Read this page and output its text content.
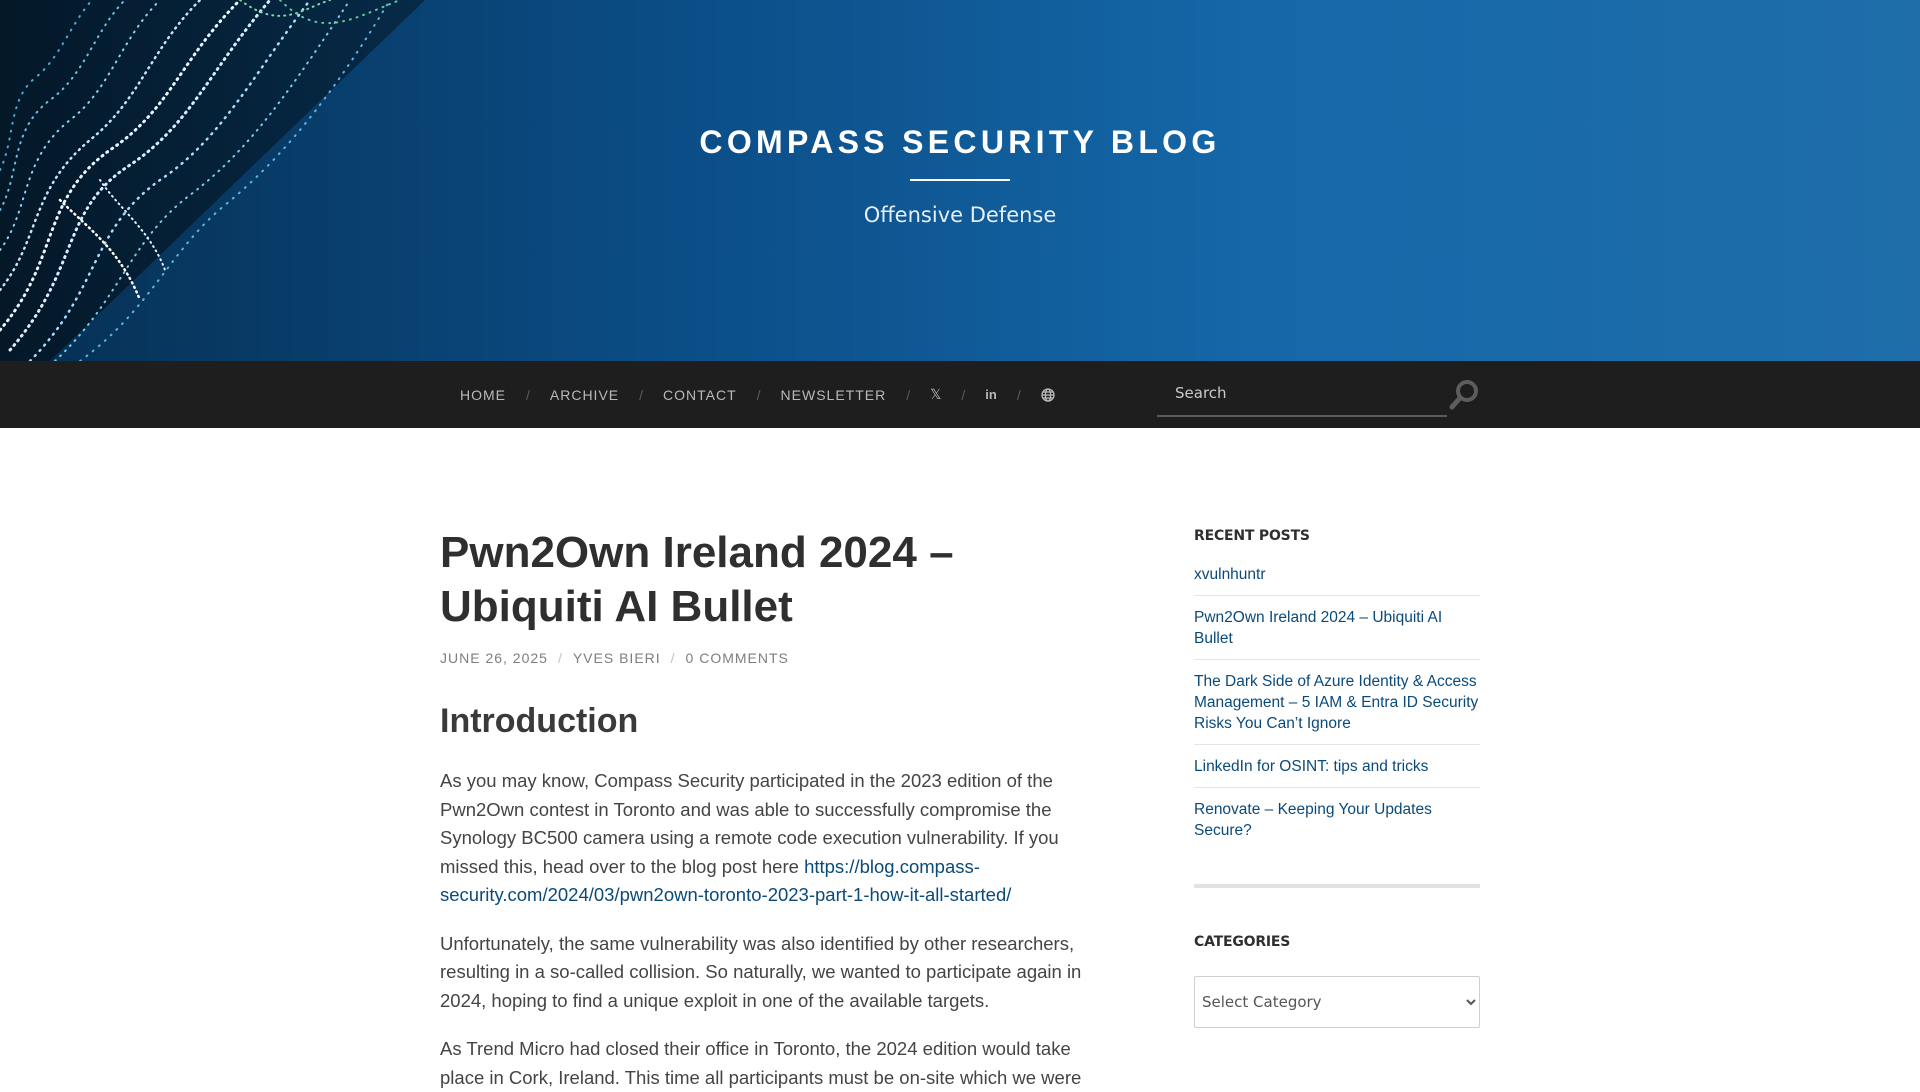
COMPASS SECURITY BLOG
Offensive Defense
HOME	/	ARCHIVE	/	CONTACT	/	NEWSLETTER	/	𝕏	/	in	/
Search
Pwn2Own Ireland 2024 – Ubiquiti AI Bullet
JUNE 26, 2025 / YVES BIERI / 0 COMMENTS
Introduction

As you may know, Compass Security participated in the 2023 edition of the Pwn2Own contest in Toronto and was able to successfully compromise the Synology BC500 camera using a remote code execution vulnerability. If you missed this, head over to the blog post here https://blog.compass-security.com/2024/03/pwn2own-toronto-2023-part-1-how-it-all-started/

Unfortunately, the same vulnerability was also identified by other researchers, resulting in a so-called collision. So naturally, we wanted to participate again in 2024, hoping to find a unique exploit in one of the available targets.

As Trend Micro had closed their office in Toronto, the 2024 edition would take place in Cork, Ireland. This time all participants must be on-site which we were

RECENT POSTS
xvulnhuntr
Pwn2Own Ireland 2024 – Ubiquiti AI Bullet
The Dark Side of Azure Identity & Access Management – 5 IAM & Entra ID Security Risks You Can’t Ignore
LinkedIn for OSINT: tips and tricks
Renovate – Keeping Your Updates Secure?
CATEGORIES
Select Category
